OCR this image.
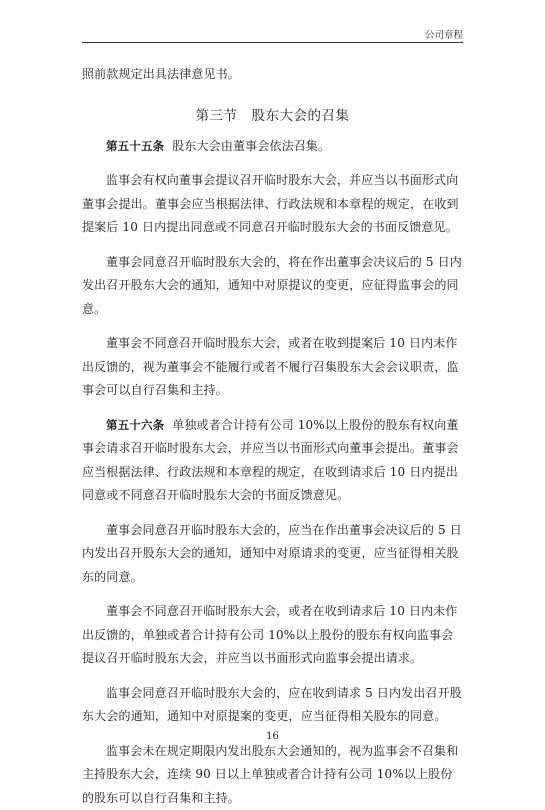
公司章程

照前款规定出具法律意见书。

第三节　股东大会的召集

第五十五条 股东大会由董事会依法召集。

监事会有权向董事会提议召开临时股东大会，并应当以书面形式向董事会提出。董事会应当根据法律、行政法规和本章程的规定，在收到提案后 10 日内提出同意或不同意召开临时股东大会的书面反馈意见。

董事会同意召开临时股东大会的，将在作出董事会决议后的 5 日内发出召开股东大会的通知，通知中对原提议的变更，应征得监事会的同意。

董事会不同意召开临时股东大会，或者在收到提案后 10 日内未作出反馈的，视为董事会不能履行或者不履行召集股东大会会议职责，监事会可以自行召集和主持。

第五十六条 单独或者合计持有公司 10%以上股份的股东有权向董事会请求召开临时股东大会，并应当以书面形式向董事会提出。董事会应当根据法律、行政法规和本章程的规定，在收到请求后 10 日内提出同意或不同意召开临时股东大会的书面反馈意见。

董事会同意召开临时股东大会的，应当在作出董事会决议后的 5 日内发出召开股东大会的通知，通知中对原请求的变更，应当征得相关股东的同意。

董事会不同意召开临时股东大会，或者在收到请求后 10 日内未作出反馈的，单独或者合计持有公司 10%以上股份的股东有权向监事会提议召开临时股东大会，并应当以书面形式向监事会提出请求。

监事会同意召开临时股东大会的，应在收到请求 5 日内发出召开股东大会的通知，通知中对原提案的变更，应当征得相关股东的同意。

监事会未在规定期限内发出股东大会通知的，视为监事会不召集和主持股东大会，连续 90 日以上单独或者合计持有公司 10%以上股份的股东可以自行召集和主持。

16
